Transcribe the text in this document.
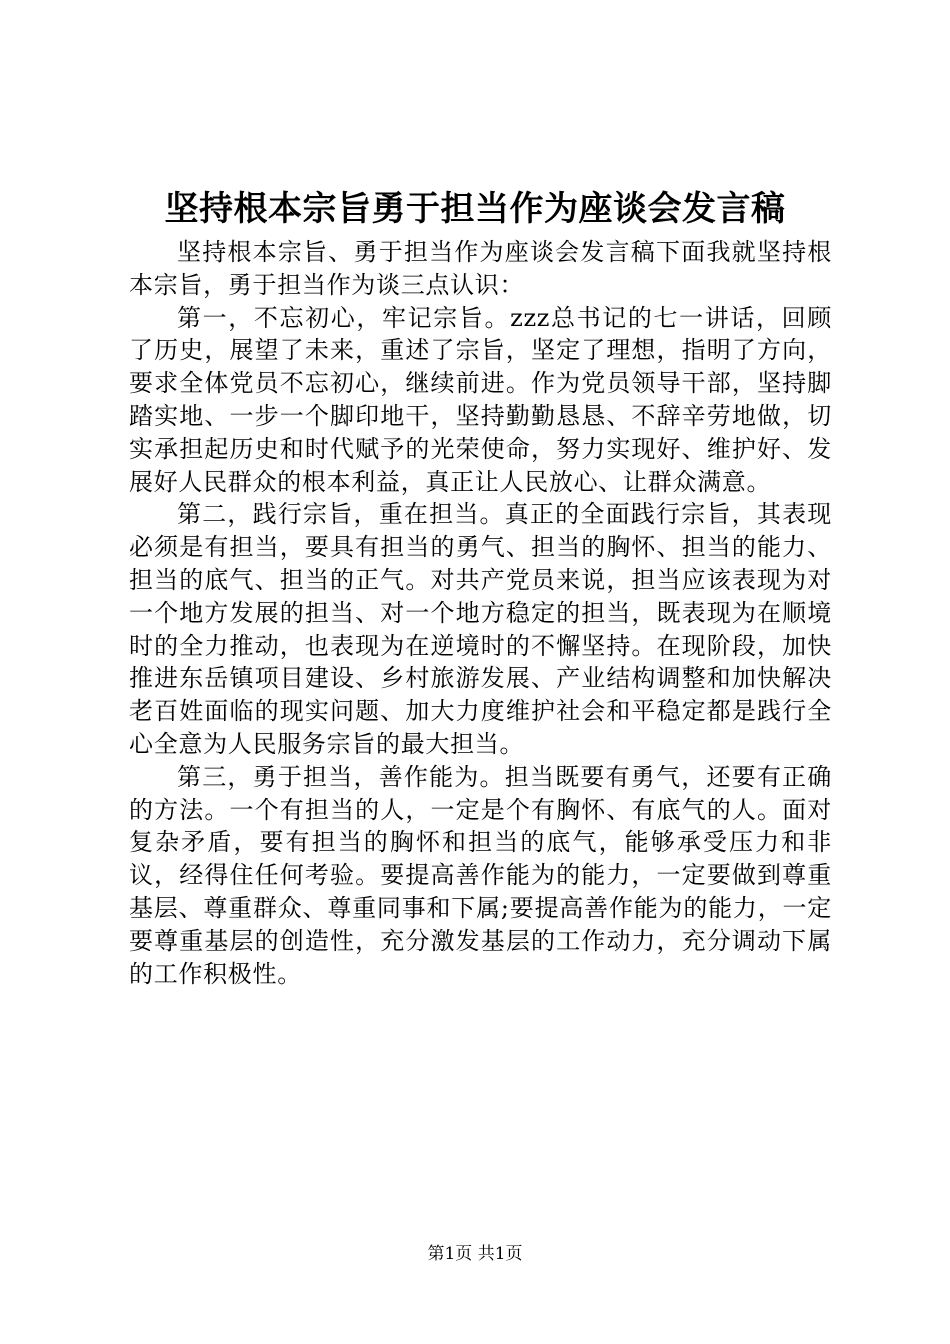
坚持根本宗旨勇于担当作为座谈会发言稿

坚持根本宗旨、勇于担当作为座谈会发言稿下面我就坚持根本宗旨，勇于担当作为谈三点认识：

第一，不忘初心，牢记宗旨。zzz总书记的七一讲话，回顾了历史，展望了未来，重述了宗旨，坚定了理想，指明了方向，要求全体党员不忘初心，继续前进。作为党员领导干部，坚持脚踏实地、一步一个脚印地干，坚持勤勤恳恳、不辞辛劳地做，切实承担起历史和时代赋予的光荣使命，努力实现好、维护好、发展好人民群众的根本利益，真正让人民放心、让群众满意。

第二，践行宗旨，重在担当。真正的全面践行宗旨，其表现必须是有担当，要具有担当的勇气、担当的胸怀、担当的能力、担当的底气、担当的正气。对共产党员来说，担当应该表现为对一个地方发展的担当、对一个地方稳定的担当，既表现为在顺境时的全力推动，也表现为在逆境时的不懈坚持。在现阶段，加快推进东岳镇项目建设、乡村旅游发展、产业结构调整和加快解决老百姓面临的现实问题、加大力度维护社会和平稳定都是践行全心全意为人民服务宗旨的最大担当。

第三，勇于担当，善作能为。担当既要有勇气，还要有正确的方法。一个有担当的人，一定是个有胸怀、有底气的人。面对复杂矛盾，要有担当的胸怀和担当的底气，能够承受压力和非议，经得住任何考验。要提高善作能为的能力，一定要做到尊重基层、尊重群众、尊重同事和下属;要提高善作能为的能力，一定要尊重基层的创造性，充分激发基层的工作动力，充分调动下属的工作积极性。

第1页 共1页
